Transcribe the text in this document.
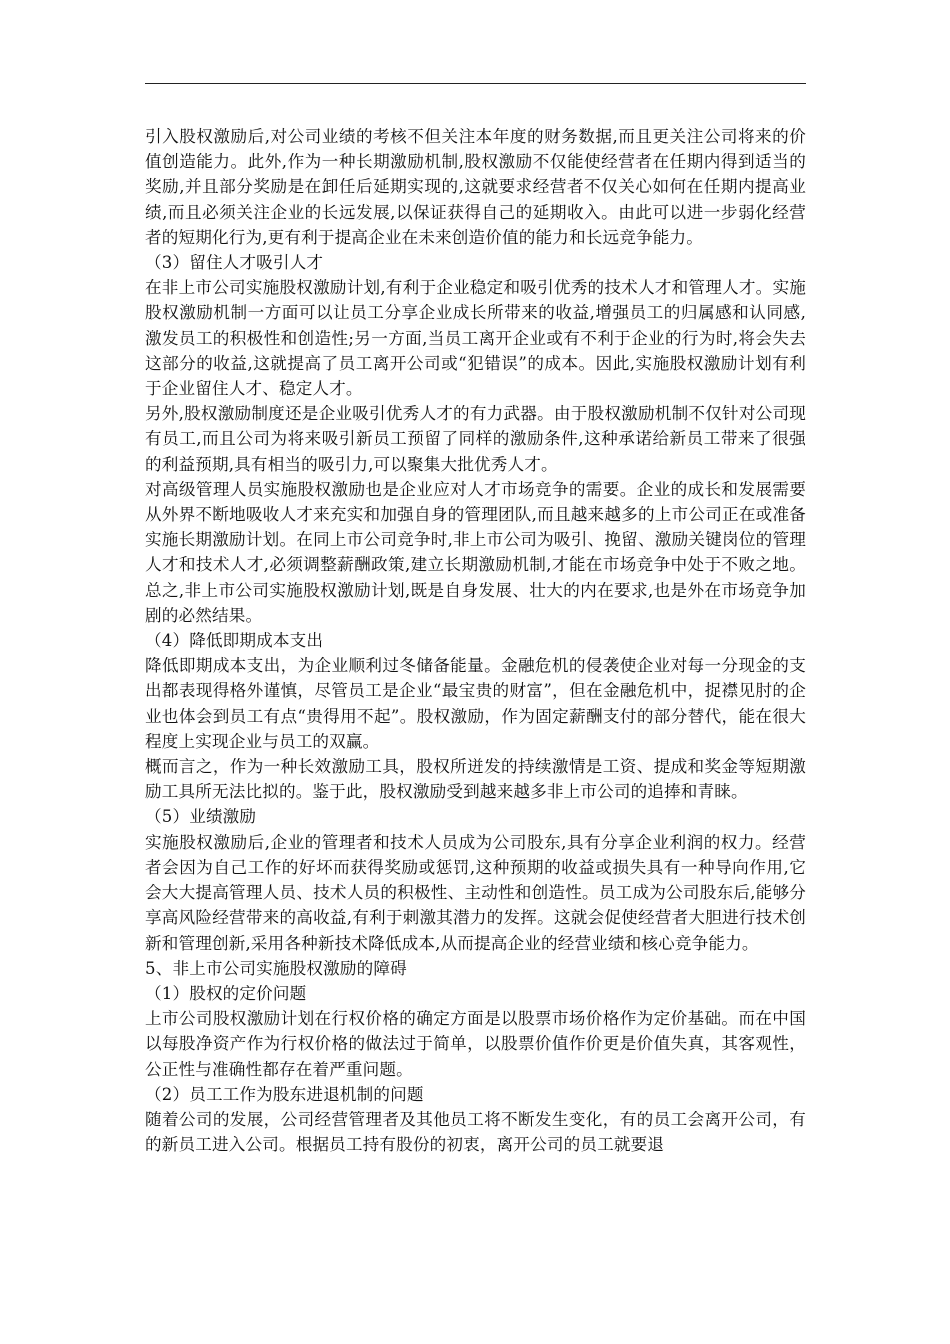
引入股权激励后,对公司业绩的考核不但关注本年度的财务数据,而且更关注公司将来的价值创造能力。此外,作为一种长期激励机制,股权激励不仅能使经营者在任期内得到适当的奖励,并且部分奖励是在卸任后延期实现的,这就要求经营者不仅关心如何在任期内提高业绩,而且必须关注企业的长远发展,以保证获得自己的延期收入。由此可以进一步弱化经营者的短期化行为,更有利于提高企业在未来创造价值的能力和长远竞争能力。

（3）留住人才吸引人才

在非上市公司实施股权激励计划,有利于企业稳定和吸引优秀的技术人才和管理人才。实施股权激励机制一方面可以让员工分享企业成长所带来的收益,增强员工的归属感和认同感,激发员工的积极性和创造性;另一方面,当员工离开企业或有不利于企业的行为时,将会失去这部分的收益,这就提高了员工离开公司或“犯错误”的成本。因此,实施股权激励计划有利于企业留住人才、稳定人才。

另外,股权激励制度还是企业吸引优秀人才的有力武器。由于股权激励机制不仅针对公司现有员工,而且公司为将来吸引新员工预留了同样的激励条件,这种承诺给新员工带来了很强的利益预期,具有相当的吸引力,可以聚集大批优秀人才。

对高级管理人员实施股权激励也是企业应对人才市场竞争的需要。企业的成长和发展需要从外界不断地吸收人才来充实和加强自身的管理团队,而且越来越多的上市公司正在或准备实施长期激励计划。在同上市公司竞争时,非上市公司为吸引、挽留、激励关键岗位的管理人才和技术人才,必须调整薪酬政策,建立长期激励机制,才能在市场竞争中处于不败之地。总之,非上市公司实施股权激励计划,既是自身发展、壮大的内在要求,也是外在市场竞争加剧的必然结果。

（4）降低即期成本支出

降低即期成本支出，为企业顺利过冬储备能量。金融危机的侵袭使企业对每一分现金的支出都表现得格外谨慎，尽管员工是企业“最宝贵的财富”，但在金融危机中，捉襟见肘的企业也体会到员工有点“贵得用不起”。股权激励，作为固定薪酬支付的部分替代，能在很大程度上实现企业与员工的双赢。

概而言之，作为一种长效激励工具，股权所迸发的持续激情是工资、提成和奖金等短期激励工具所无法比拟的。鉴于此，股权激励受到越来越多非上市公司的追捧和青睐。

（5）业绩激励

实施股权激励后,企业的管理者和技术人员成为公司股东,具有分享企业利润的权力。经营者会因为自己工作的好坏而获得奖励或惩罚,这种预期的收益或损失具有一种导向作用,它会大大提高管理人员、技术人员的积极性、主动性和创造性。员工成为公司股东后,能够分享高风险经营带来的高收益,有利于刺激其潜力的发挥。这就会促使经营者大胆进行技术创新和管理创新,采用各种新技术降低成本,从而提高企业的经营业绩和核心竞争能力。

5、非上市公司实施股权激励的障碍

（1）股权的定价问题

上市公司股权激励计划在行权价格的确定方面是以股票市场价格作为定价基础。而在中国以每股净资产作为行权价格的做法过于简单，以股票价值作价更是价值失真，其客观性，公正性与准确性都存在着严重问题。

（2）员工工作为股东进退机制的问题

随着公司的发展，公司经营管理者及其他员工将不断发生变化，有的员工会离开公司，有的新员工进入公司。根据员工持有股份的初衷，离开公司的员工就要退
